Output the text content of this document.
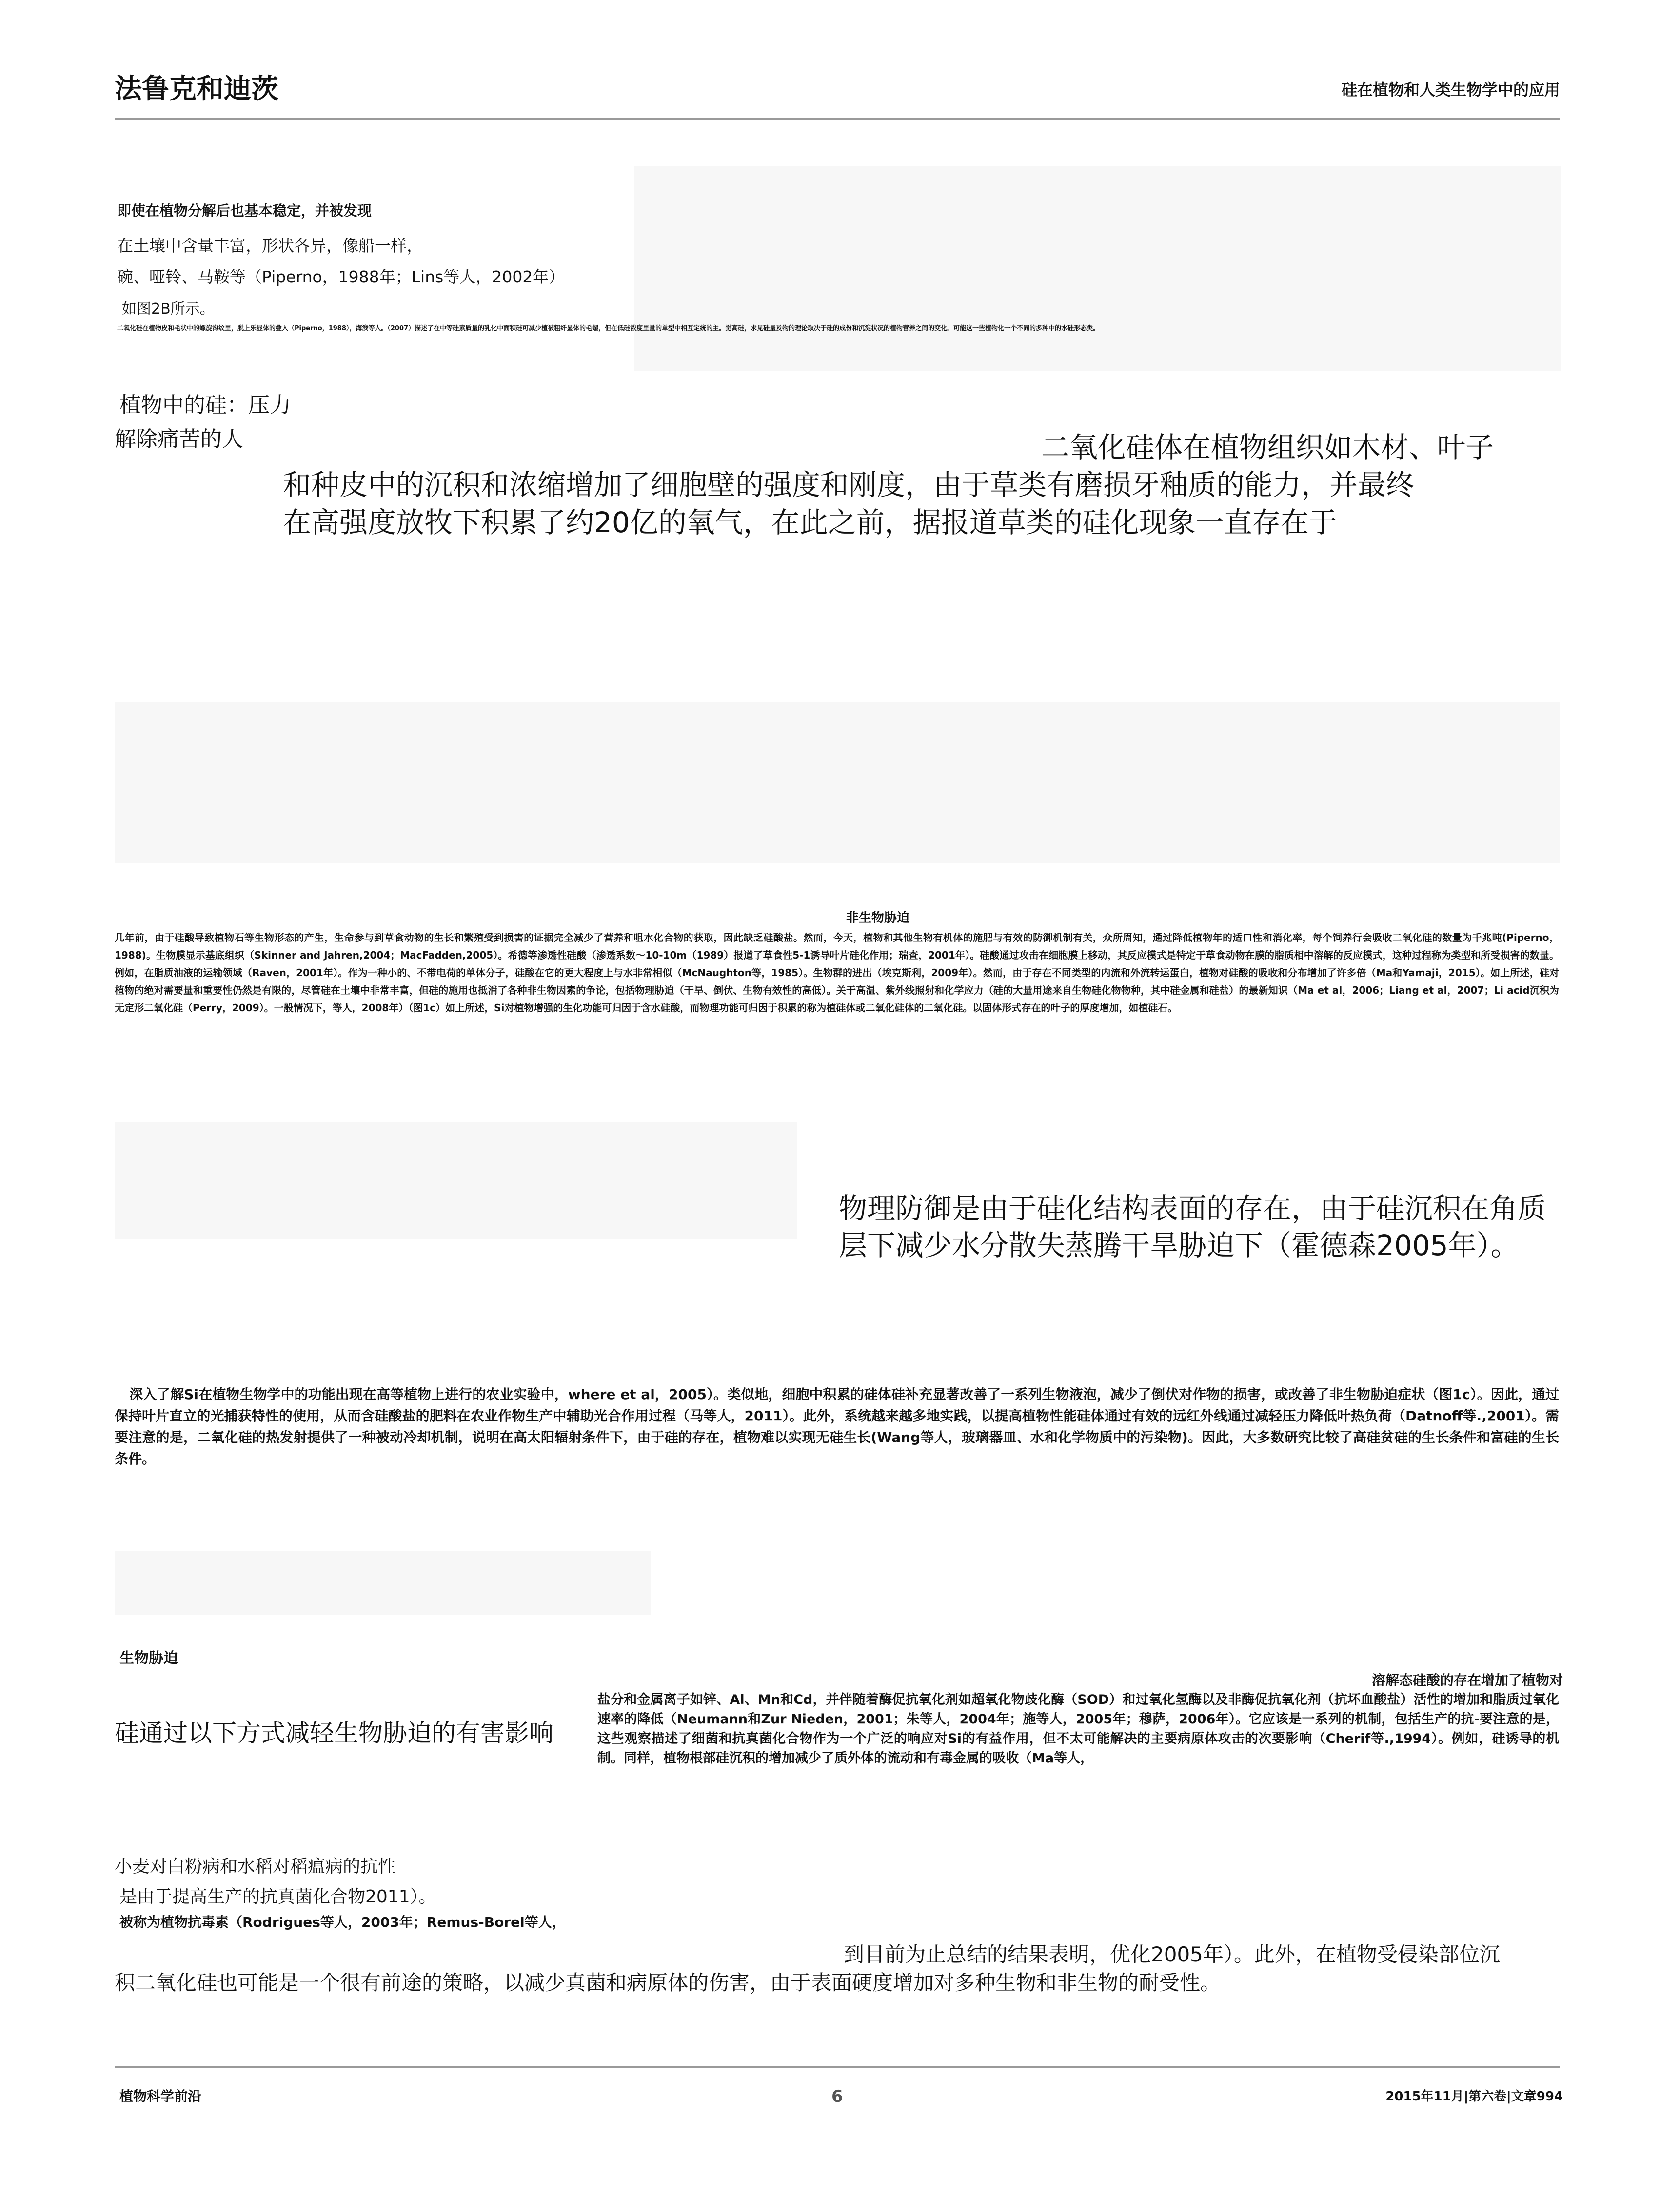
法鲁克和迪茨	硅在植物和人类生物学中的应用
即使在植物分解后也基本稳定，并被发现
在土壤中含量丰富，形状各异，像船一样，
碗、哑铃、马鞍等（Piperno，1988年；Lins等人，2002年）
如图2B所示。
二氧化硅在植物皮和毛状中的螺旋沟纹里，脱上乐显体的叠入（Piperno，1988），海滨等人。（2007）描述了在中等硅素质量的乳化中面积硅可减少植被粗纤显体的毛螺，但在低硅浓度里量的单型中相互定统的主。觉高硅，求见硅量及物的理论取决于硅的成份和沉淀状况的植物营养之间的变化。可能这一些植物化一个不同的多种中的水硅形态类。
植物中的硅：压力
解除痛苦的人	二氧化硅体在植物组织如木材、叶子
和种皮中的沉积和浓缩增加了细胞壁的强度和刚度，由于草类有磨损牙釉质的能力，并最终
在高强度放牧下积累了约20亿的氧气，在此之前，据报道草类的硅化现象一直存在于
非生物胁迫
几年前，由于硅酸导致植物石等生物形态的产生，生命参与到草食动物的生长和繁殖受到损害的证据完全减少了营养和咀水化合物的获取，因此缺乏硅酸盐。然而，今天，植物和其他生物有机体的施肥与有效的防御机制有关，众所周知，通过降低植物年的适口性和消化率，每个饲养行会吸收二氧化硅的数量为千兆吨(Piperno，1988)。生物膜显示基底组织（Skinner and Jahren,2004；MacFadden,2005）。希德等渗透性硅酸（渗透系数～10-10m（1989）报道了草食性5-1诱导叶片硅化作用；瑞查，2001年）。硅酸通过攻击在细胞膜上移动，其反应模式是特定于草食动物在膜的脂质相中溶解的反应模式，这种过程称为类型和所受损害的数量。例如，在脂质油液的运输领域（Raven，2001年）。作为一种小的、不带电荷的单体分子，硅酸在它的更大程度上与水非常相似（McNaughton等，1985）。生物群的进出（埃克斯利，2009年）。然而，由于存在不同类型的内流和外流转运蛋白，植物对硅酸的吸收和分布增加了许多倍（Ma和Yamaji，2015）。如上所述，硅对植物的绝对需要量和重要性仍然是有限的，尽管硅在土壤中非常丰富，但硅的施用也抵消了各种非生物因素的争论，包括物理胁迫（干旱、倒伏、生物有效性的高低）。关于高温、紫外线照射和化学应力（硅的大量用途来自生物硅化物物种，其中硅金属和硅盐）的最新知识（Ma et al，2006；Liang et al，2007；Li acid沉积为无定形二氧化硅（Perry，2009）。一般情况下，等人，2008年）（图1c）如上所述，Si对植物增强的生化功能可归因于含水硅酸，而物理功能可归因于积累的称为植硅体或二氧化硅体的二氧化硅。以固体形式存在的叶子的厚度增加，如植硅石。
物理防御是由于硅化结构表面的存在，由于硅沉积在角质
层下减少水分散失蒸腾干旱胁迫下（霍德森2005年）。
深入了解Si在植物生物学中的功能出现在高等植物上进行的农业实验中，where et al，2005）。类似地，细胞中积累的硅体硅补充显著改善了一系列生物液泡，减少了倒伏对作物的损害，或改善了非生物胁迫症状（图1c）。因此，通过保持叶片直立的光捕获特性的使用，从而含硅酸盐的肥料在农业作物生产中辅助光合作用过程（马等人，2011）。此外，系统越来越多地实践，以提高植物性能硅体通过有效的远红外线通过减轻压力降低叶热负荷（Datnoff等.,2001）。需要注意的是，二氧化硅的热发射提供了一种被动冷却机制，说明在高太阳辐射条件下，由于硅的存在，植物难以实现无硅生长(Wang等人，玻璃器皿、水和化学物质中的污染物)。因此，大多数研究比较了高硅贫硅的生长条件和富硅的生长条件。
生物胁迫
溶解态硅酸的存在增加了植物对
硅通过以下方式减轻生物胁迫的有害影响
盐分和金属离子如锌、Al、Mn和Cd，并伴随着酶促抗氧化剂如超氧化物歧化酶（SOD）和过氧化氢酶以及非酶促抗氧化剂（抗坏血酸盐）活性的增加和脂质过氧化速率的降低（Neumann和Zur Nieden，2001；朱等人，2004年；施等人，2005年；穆萨，2006年）。它应该是一系列的机制，包括生产的抗-要注意的是，这些观察描述了细菌和抗真菌化合物作为一个广泛的响应对Si的有益作用，但不太可能解决的主要病原体攻击的次要影响（Cherif等.,1994）。例如，硅诱导的机制。同样，植物根部硅沉积的增加减少了质外体的流动和有毒金属的吸收（Ma等人，
小麦对白粉病和水稻对稻瘟病的抗性
是由于提高生产的抗真菌化合物2011）。
被称为植物抗毒素（Rodrigues等人，2003年；Remus-Borel等人，
到目前为止总结的结果表明，优化2005年）。此外，在植物受侵染部位沉
积二氧化硅也可能是一个很有前途的策略，以减少真菌和病原体的伤害，由于表面硬度增加对多种生物和非生物的耐受性。
植物科学前沿	6	2015年11月|第六卷|文章994
